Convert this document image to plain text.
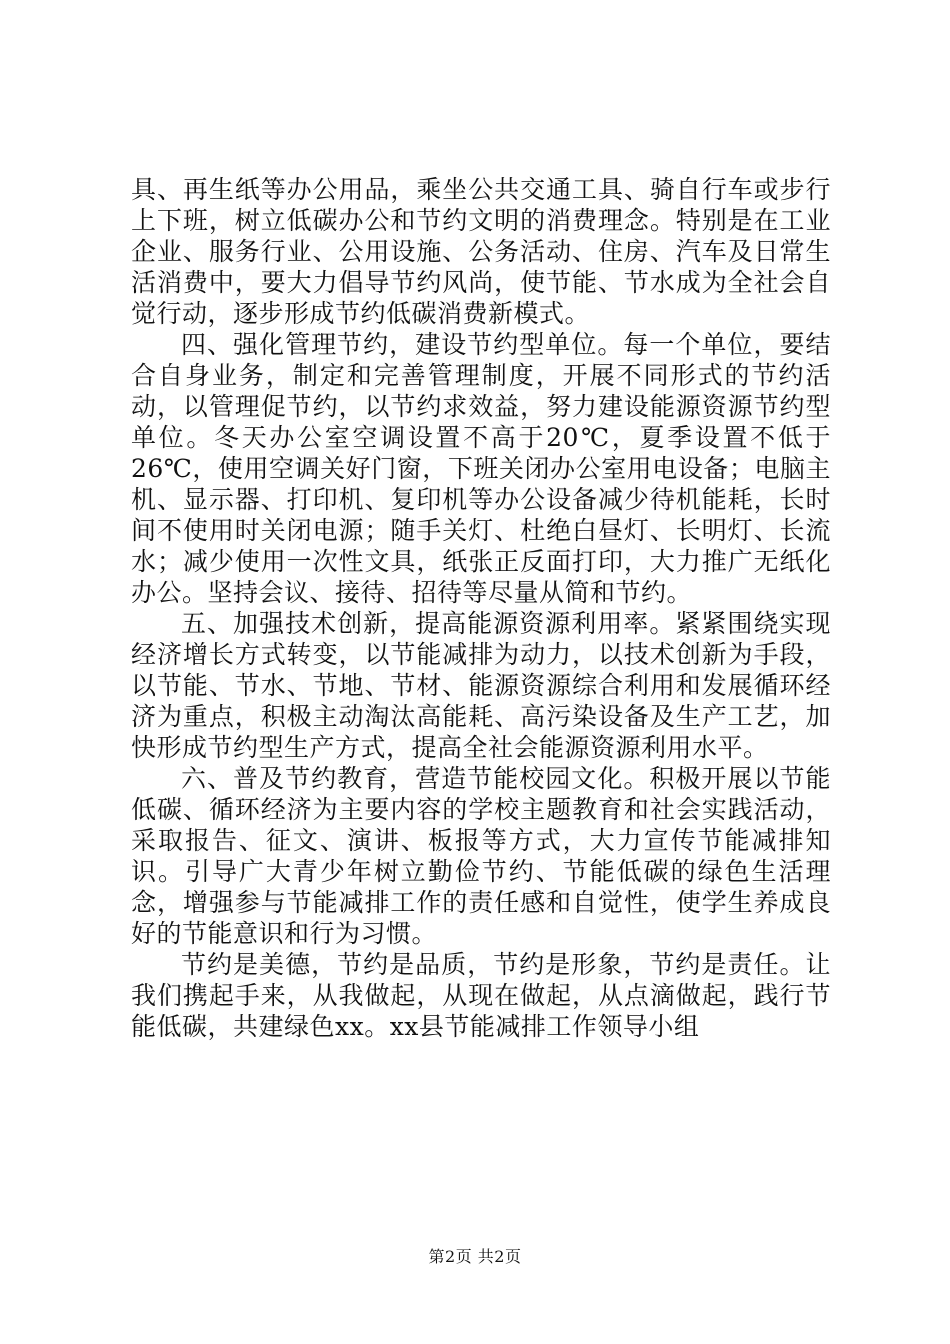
具、再生纸等办公用品，乘坐公共交通工具、骑自行车或步行上下班，树立低碳办公和节约文明的消费理念。特别是在工业企业、服务行业、公用设施、公务活动、住房、汽车及日常生活消费中，要大力倡导节约风尚，使节能、节水成为全社会自觉行动，逐步形成节约低碳消费新模式。

四、强化管理节约，建设节约型单位。每一个单位，要结合自身业务，制定和完善管理制度，开展不同形式的节约活动，以管理促节约，以节约求效益，努力建设能源资源节约型单位。冬天办公室空调设置不高于20℃，夏季设置不低于26℃，使用空调关好门窗，下班关闭办公室用电设备；电脑主机、显示器、打印机、复印机等办公设备减少待机能耗，长时间不使用时关闭电源；随手关灯、杜绝白昼灯、长明灯、长流水；减少使用一次性文具，纸张正反面打印，大力推广无纸化办公。坚持会议、接待、招待等尽量从简和节约。

五、加强技术创新，提高能源资源利用率。紧紧围绕实现经济增长方式转变，以节能减排为动力，以技术创新为手段，以节能、节水、节地、节材、能源资源综合利用和发展循环经济为重点，积极主动淘汰高能耗、高污染设备及生产工艺，加快形成节约型生产方式，提高全社会能源资源利用水平。

六、普及节约教育，营造节能校园文化。积极开展以节能低碳、循环经济为主要内容的学校主题教育和社会实践活动，采取报告、征文、演讲、板报等方式，大力宣传节能减排知识。引导广大青少年树立勤俭节约、节能低碳的绿色生活理念，增强参与节能减排工作的责任感和自觉性，使学生养成良好的节能意识和行为习惯。

节约是美德，节约是品质，节约是形象，节约是责任。让我们携起手来，从我做起，从现在做起，从点滴做起，践行节能低碳，共建绿色xx。xx县节能减排工作领导小组

第2页 共2页
